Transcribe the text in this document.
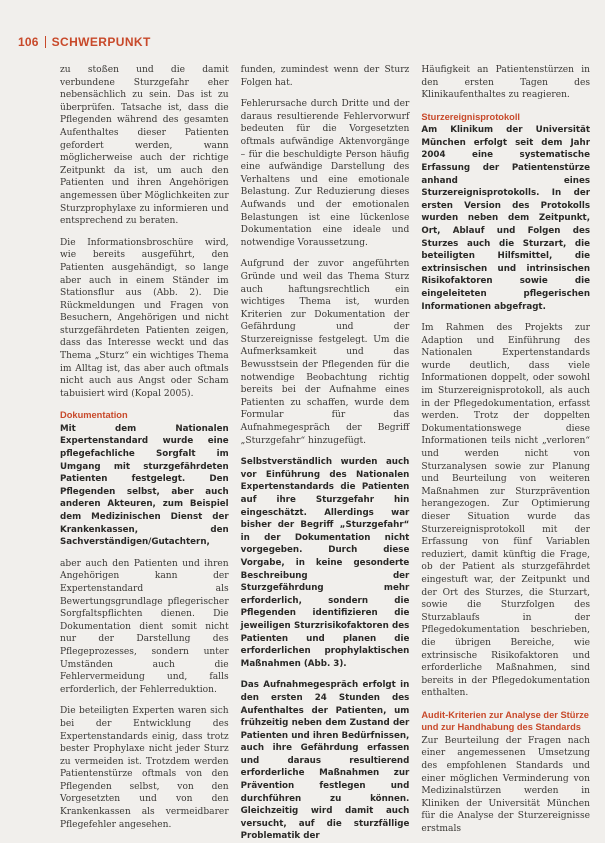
106 SCHWERPUNKT

zu stoßen und die damit verbundene Sturzgefahr eher nebensächlich zu sein. Das ist zu überprüfen. Tatsache ist, dass die Pflegenden während des gesamten Aufenthaltes dieser Patienten gefordert werden, wann möglicherweise auch der richtige Zeitpunkt da ist, um auch den Patienten und ihren Angehörigen angemessen über Möglichkeiten zur Sturzprophylaxe zu informieren und entsprechend zu beraten.

Die Informationsbroschüre wird, wie bereits ausgeführt, den Patienten ausgehändigt, so lange aber auch in einem Ständer im Stationsflur aus (Abb. 2). Die Rückmeldungen und Fragen von Besuchern, Angehörigen und nicht sturzgefährdeten Patienten zeigen, dass das Interesse weckt und das Thema „Sturz“ ein wichtiges Thema im Alltag ist, das aber auch oftmals nicht auch aus Angst oder Scham tabuisiert wird (Kopal 2005).

Dokumentation

Mit dem Nationalen Expertenstandard wurde eine pflegefachliche Sorgfalt im Umgang mit sturzgefährdeten Patienten festgelegt. Den Pflegenden selbst, aber auch anderen Akteuren, zum Beispiel dem Medizinischen Dienst der Krankenkassen, den Sachverständigen/Gutachtern,

aber auch den Patienten und ihren Angehörigen kann der Expertenstandard als Bewertungsgrundlage pflegerischer Sorgfaltspflichten dienen. Die Dokumentation dient somit nicht nur der Darstellung des Pflegeprozesses, sondern unter Umständen auch die Fehlervermeidung und, falls erforderlich, der Fehlerreduktion.

Die beteiligten Experten waren sich bei der Entwicklung des Expertenstandards einig, dass trotz bester Prophylaxe nicht jeder Sturz zu vermeiden ist. Trotzdem werden Patientenstürze oftmals von den Pflegenden selbst, von den Vorgesetzten und von den Krankenkassen als vermeidbarer Pflegefehler angesehen.

funden, zumindest wenn der Sturz Folgen hat.

Fehlerursache durch Dritte und der daraus resultierende Fehlervorwurf bedeuten für die Vorgesetzten oftmals aufwändige Aktenvorgänge – für die beschuldigte Person häufig eine aufwändige Darstellung des Verhaltens und eine emotionale Belastung. Zur Reduzierung dieses Aufwands und der emotionalen Belastungen ist eine lückenlose Dokumentation eine ideale und notwendige Voraussetzung.

Aufgrund der zuvor angeführten Gründe und weil das Thema Sturz auch haftungsrechtlich ein wichtiges Thema ist, wurden Kriterien zur Dokumentation der Gefährdung und der Sturzereignisse festgelegt. Um die Aufmerksamkeit und das Bewusstsein der Pflegenden für die notwendige Beobachtung richtig bereits bei der Aufnahme eines Patienten zu schaffen, wurde dem Formular für das Aufnahmegespräch der Begriff „Sturzgefahr“ hinzugefügt.

Selbstverständlich wurden auch vor Einführung des Nationalen Expertenstandards die Patienten auf ihre Sturzgefahr hin eingeschätzt. Allerdings war bisher der Begriff „Sturzgefahr“ in der Dokumentation nicht vorgegeben. Durch diese Vorgabe, in keine gesonderte Beschreibung der Sturzgefährdung mehr erforderlich, sondern die Pflegenden identifizieren die jeweiligen Sturzrisikofaktoren des Patienten und planen die erforderlichen prophylaktischen Maßnahmen (Abb. 3).

Das Aufnahmegespräch erfolgt in den ersten 24 Stunden des Aufenthaltes der Patienten, um frühzeitig neben dem Zustand der Patienten und ihren Bedürfnissen, auch ihre Gefährdung erfassen und daraus resultierend erforderliche Maßnahmen zur Prävention festlegen und durchführen zu können. Gleichzeitig wird damit auch versucht, auf die sturzfällige Problematik der

Häufigkeit an Patientenstürzen in den ersten Tagen des Klinikaufenthaltes zu reagieren.

Sturzereignisprotokoll

Am Klinikum der Universität München erfolgt seit dem Jahr 2004 eine systematische Erfassung der Patientenstürze anhand eines Sturzereignisprotokolls. In der ersten Version des Protokolls wurden neben dem Zeitpunkt, Ort, Ablauf und Folgen des Sturzes auch die Sturzart, die beteiligten Hilfsmittel, die extrinsischen und intrinsischen Risikofaktoren sowie die eingeleiteten pflegerischen Informationen abgefragt.

Im Rahmen des Projekts zur Adaption und Einführung des Nationalen Expertenstandards wurde deutlich, dass viele Informationen doppelt, oder sowohl im Sturzereignisprotokoll, als auch in der Pflegedokumentation, erfasst werden. Trotz der doppelten Dokumentationswege diese Informationen teils nicht „verloren“ und werden nicht von Sturzanalysen sowie zur Planung und Beurteilung von weiteren Maßnahmen zur Sturzprävention herangezogen. Zur Optimierung dieser Situation wurde das Sturzereignisprotokoll mit der Erfassung von fünf Variablen reduziert, damit künftig die Frage, ob der Patient als sturzgefährdet eingestuft war, der Zeitpunkt und der Ort des Sturzes, die Sturzart, sowie die Sturzfolgen des Sturzablaufs in der Pflegedokumentation beschrieben, die übrigen Bereiche, wie extrinsische Risikofaktoren und erforderliche Maßnahmen, sind bereits in der Pflegedokumentation enthalten.

Audit-Kriterien zur Analyse der Stürze und zur Handhabung des Standards

Zur Beurteilung der Fragen nach einer angemessenen Umsetzung des empfohlenen Standards und einer möglichen Verminderung von Medizinalstürzen werden in Kliniken der Universität München für die Analyse der Sturzereignisse erstmals
